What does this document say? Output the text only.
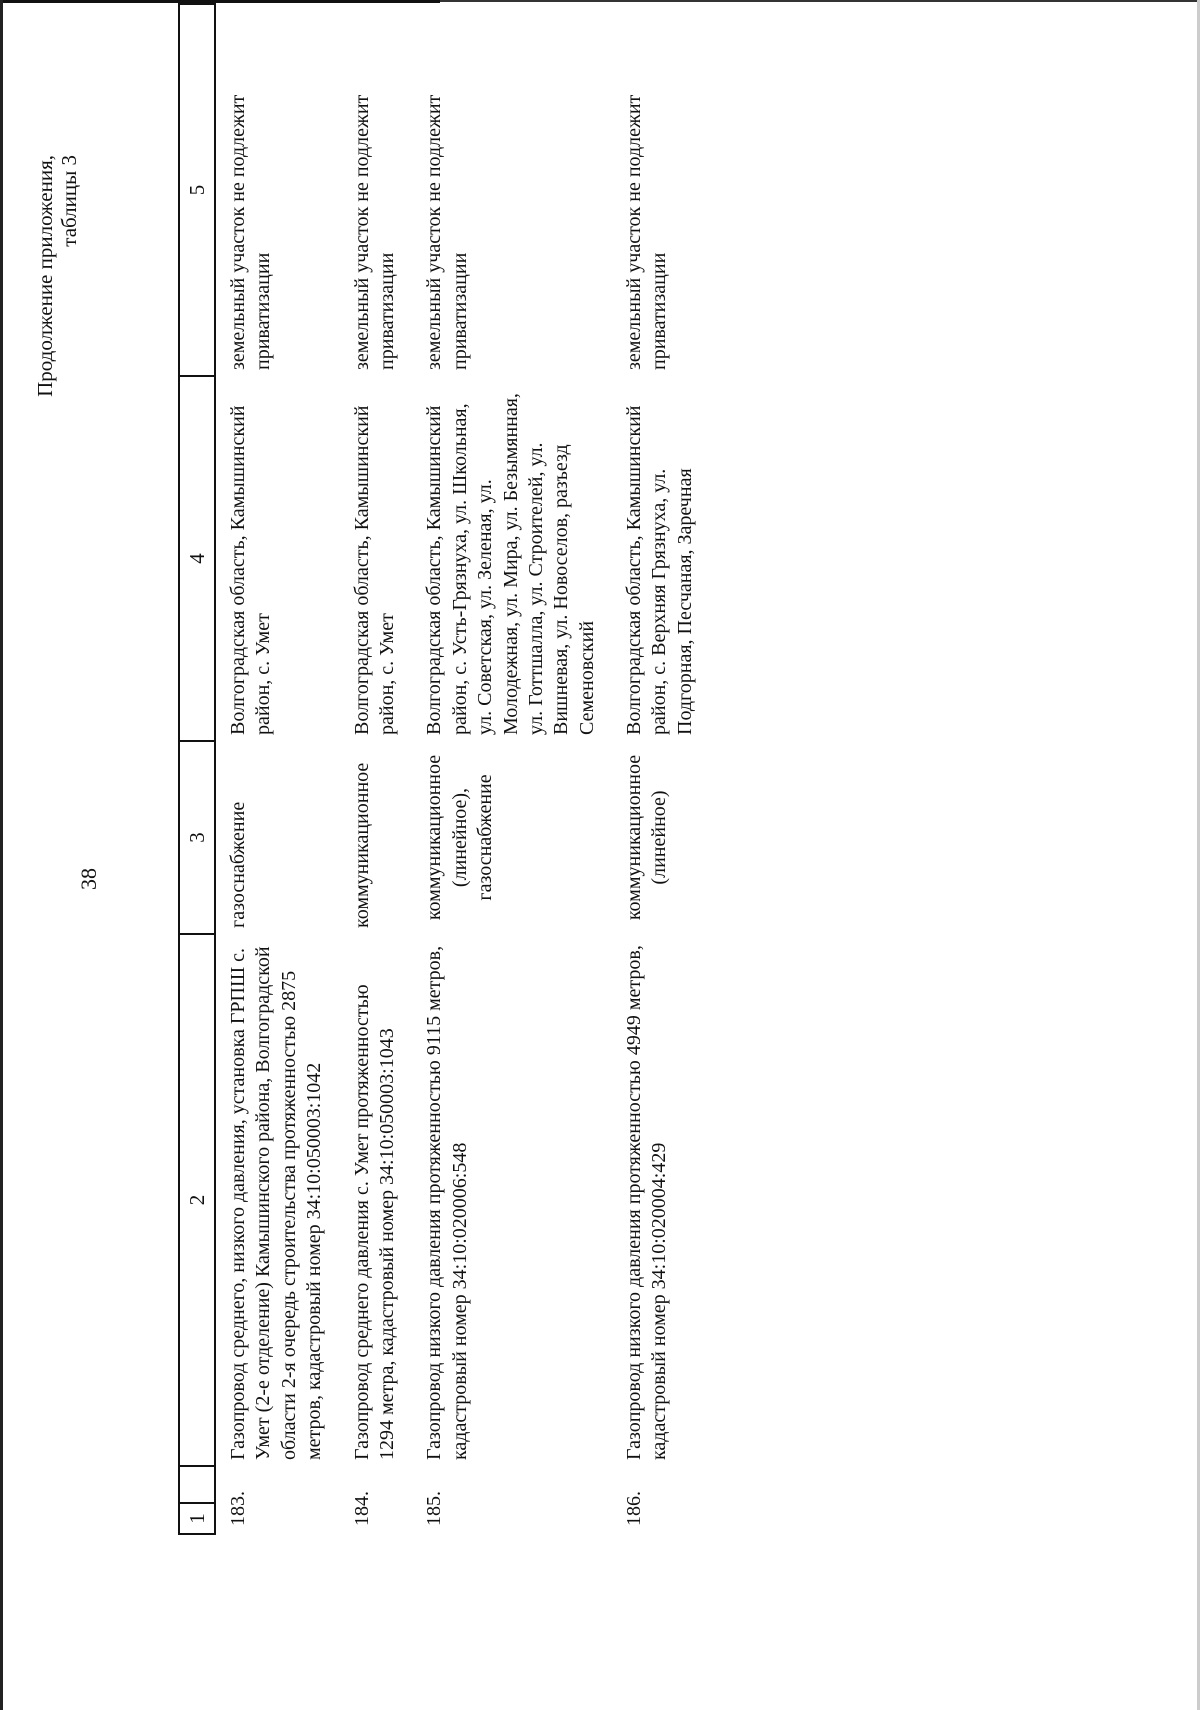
38
Продолжение приложения, таблицы 3
1		2	3	4	5
183.		Газопровод среднего, низкого давления, установка ГРПШ с. Умет (2-е отделение) Камышинского района, Волгоградской области 2-я очередь строительства протяженностью 2875 метров, кадастровый номер 34:10:050003:1042	газоснабжение	Волгоградская область, Камышинский район, с. Умет	земельный участок не подлежит приватизации
184.		Газопровод среднего давления с. Умет протяженностью 1294 метра, кадастровый номер 34:10:050003:1043	коммуникационное	Волгоградская область, Камышинский район, с. Умет	земельный участок не подлежит приватизации
185.		Газопровод низкого давления протяженностью 9115 метров, кадастровый номер 34:10:020006:548	коммуникационное (линейное), газоснабжение	Волгоградская область, Камышинский район, с. Усть-Грязнуха, ул. Школьная, ул. Советская, ул. Зеленая, ул. Молодежная, ул. Мира, ул. Безымянная, ул. Готтшалла, ул. Строителей, ул. Вишневая, ул. Новоселов, разъезд Семеновский	земельный участок не подлежит приватизации
186.		Газопровод низкого давления протяженностью 4949 метров, кадастровый номер 34:10:020004:429	коммуникационное (линейное)	Волгоградская область, Камышинский район, с. Верхняя Грязнуха, ул. Подгорная, Песчаная, Заречная	земельный участок не подлежит приватизации
